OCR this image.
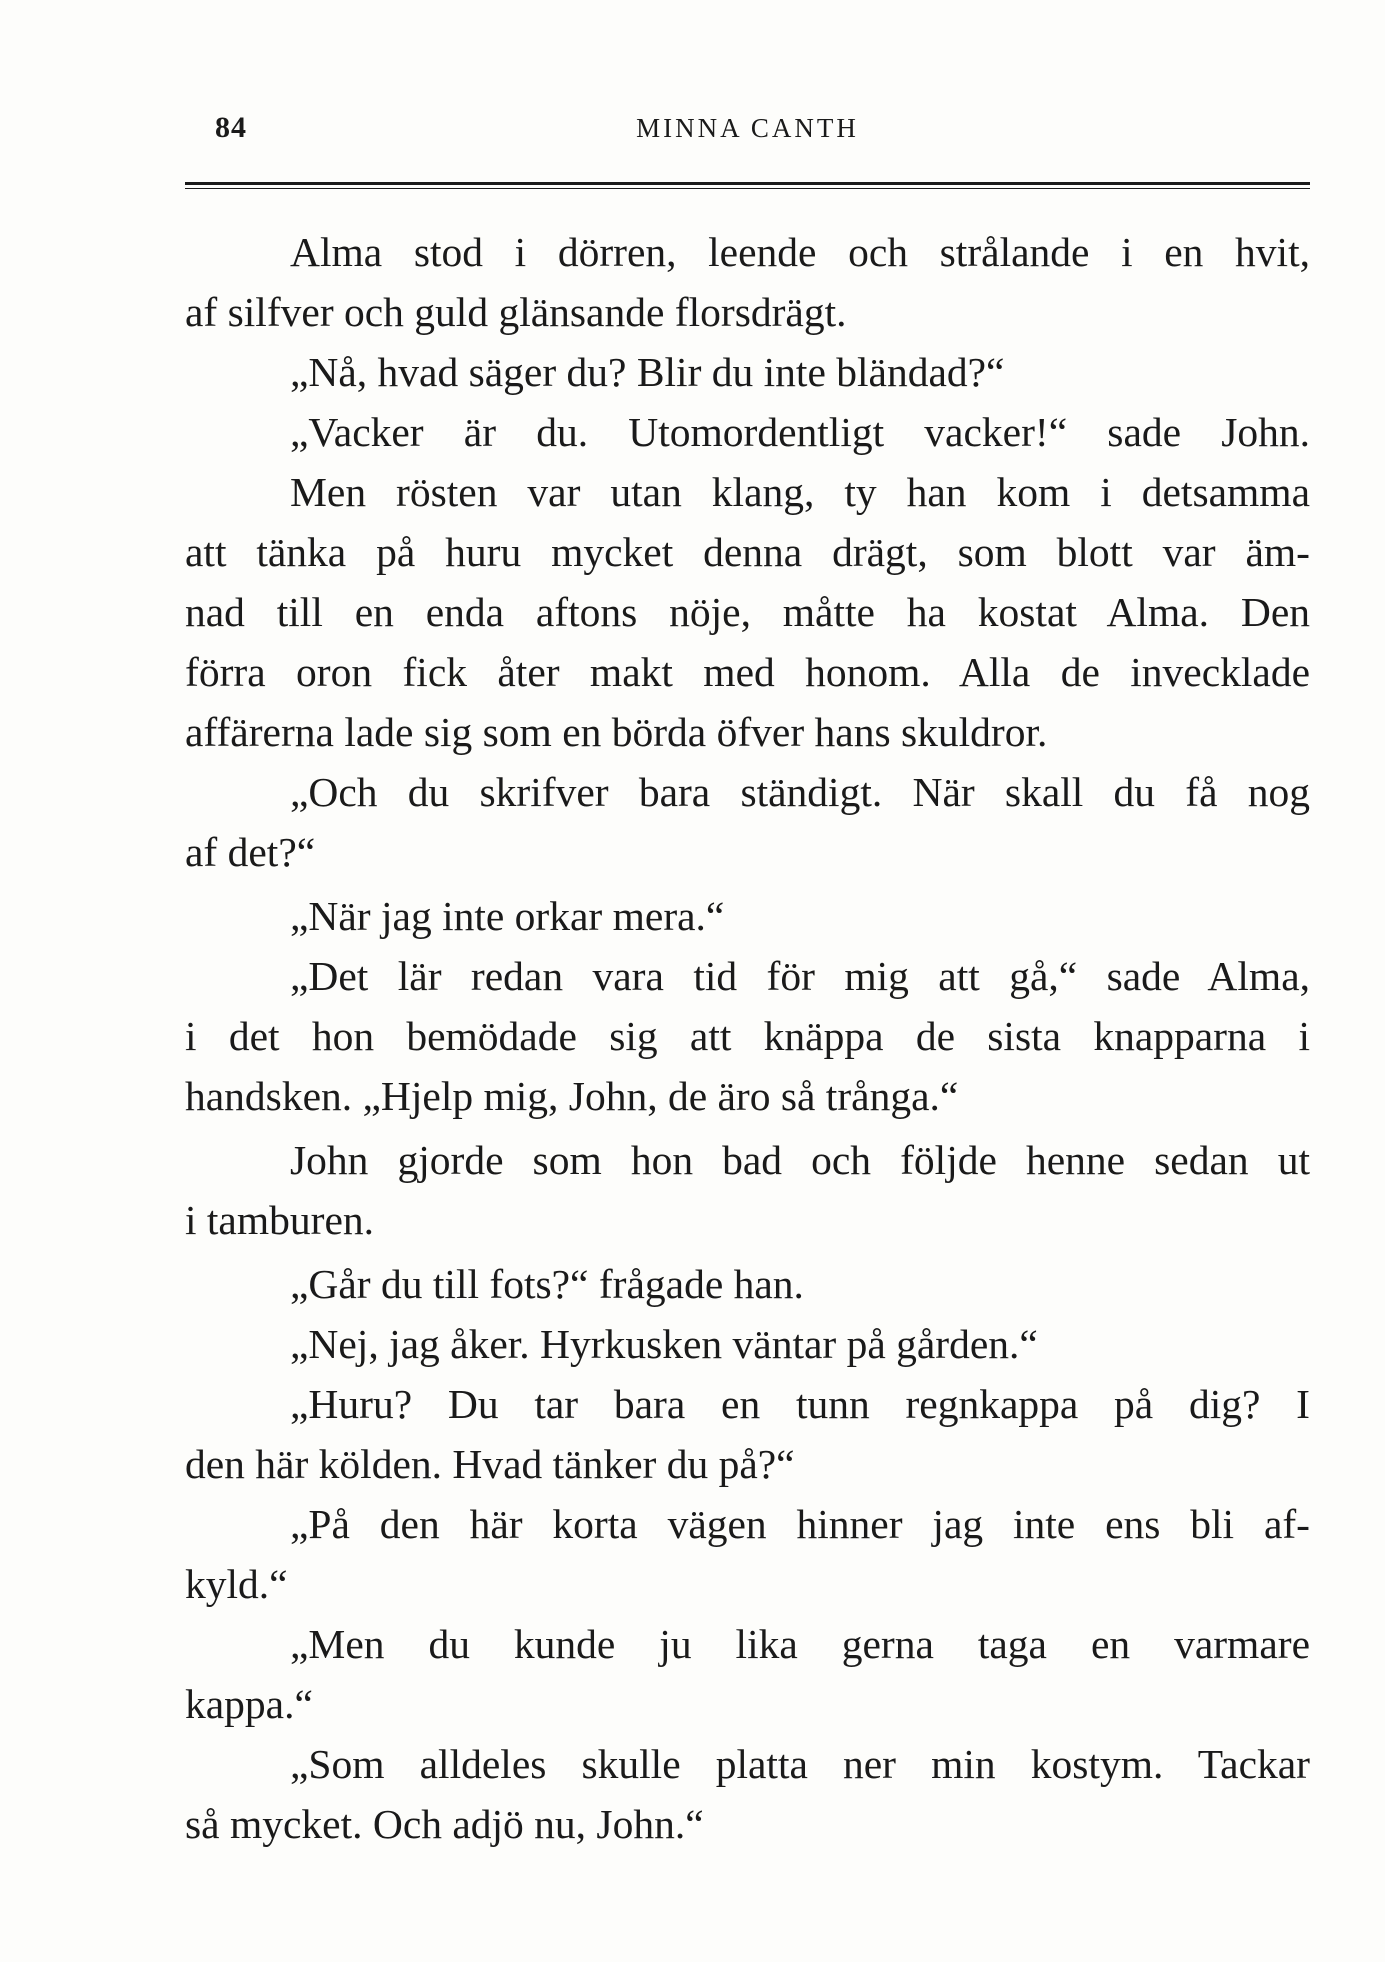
84	MINNA CANTH
Alma stod i dörren, leende och strålande i en hvit,
af silfver och guld glänsande florsdrägt.
„Nå, hvad säger du? Blir du inte bländad?“
„Vacker är du. Utomordentligt vacker!“ sade John.
Men rösten var utan klang, ty han kom i detsamma
att tänka på huru mycket denna drägt, som blott var äm-
nad till en enda aftons nöje, måtte ha kostat Alma. Den
förra oron fick åter makt med honom. Alla de invecklade
affärerna lade sig som en börda öfver hans skuldror.
„Och du skrifver bara ständigt. När skall du få nog
af det?“
„När jag inte orkar mera.“
„Det lär redan vara tid för mig att gå,“ sade Alma,
i det hon bemödade sig att knäppa de sista knapparna i
handsken. „Hjelp mig, John, de äro så trånga.“
John gjorde som hon bad och följde henne sedan ut
i tamburen.
„Går du till fots?“ frågade han.
„Nej, jag åker. Hyrkusken väntar på gården.“
„Huru? Du tar bara en tunn regnkappa på dig? I
den här kölden. Hvad tänker du på?“
„På den här korta vägen hinner jag inte ens bli af-
kyld.“
„Men du kunde ju lika gerna taga en varmare
kappa.“
„Som alldeles skulle platta ner min kostym. Tackar
så mycket. Och adjö nu, John.“
